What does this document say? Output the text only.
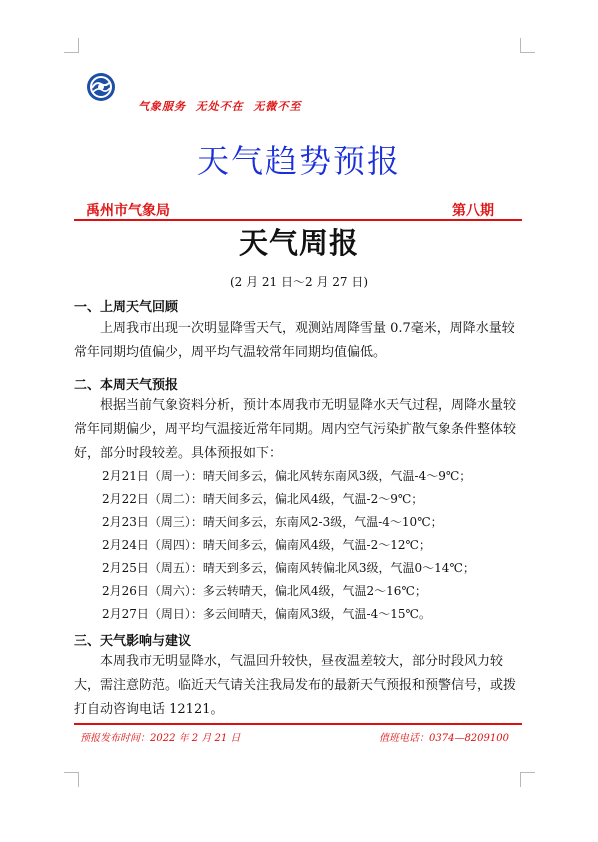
气象服务  无处不在  无微不至
天气趋势预报
禹州市气象局	第八期
天气周报
(2 月 21 日～2 月 27 日)
一、上周天气回顾
上周我市出现一次明显降雪天气，观测站周降雪量 0.7毫米，周降水量较常年同期均值偏少，周平均气温较常年同期均值偏低。
二、本周天气预报
根据当前气象资料分析，预计本周我市无明显降水天气过程，周降水量较常年同期偏少，周平均气温接近常年同期。周内空气污染扩散气象条件整体较好，部分时段较差。具体预报如下：
2月21日（周一）：晴天间多云，偏北风转东南风3级，气温-4～9℃；
2月22日（周二）：晴天间多云，偏北风4级，气温-2～9℃；
2月23日（周三）：晴天间多云，东南风2-3级，气温-4～10℃；
2月24日（周四）：晴天间多云，偏南风4级，气温-2～12℃；
2月25日（周五）：晴天到多云，偏南风转偏北风3级，气温0～14℃；
2月26日（周六）：多云转晴天，偏北风4级，气温2～16℃；
2月27日（周日）：多云间晴天，偏南风3级，气温-4～15℃。
三、天气影响与建议
本周我市无明显降水，气温回升较快，昼夜温差较大，部分时段风力较大，需注意防范。临近天气请关注我局发布的最新天气预报和预警信号，或拨打自动咨询电话 12121。
预报发布时间：2022 年 2 月 21 日	值班电话：0374—8209100
